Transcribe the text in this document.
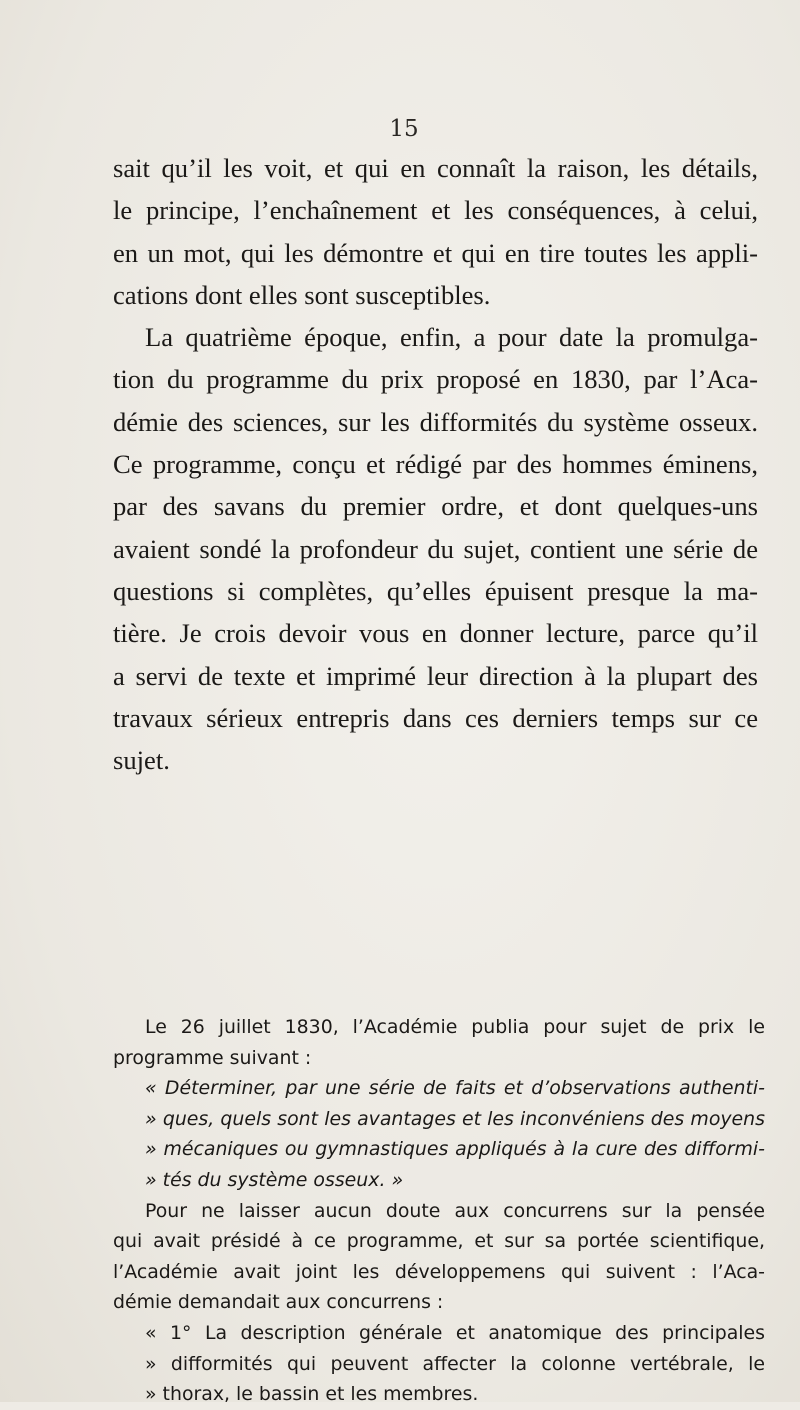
15
sait qu’il les voit, et qui en connaît la raison, les détails,
le principe, l’enchaînement et les conséquences, à celui,
en un mot, qui les démontre et qui en tire toutes les appli-
cations dont elles sont susceptibles.
La quatrième époque, enfin, a pour date la promulga-
tion du programme du prix proposé en 1830, par l’Aca-
démie des sciences, sur les difformités du système osseux.
Ce programme, conçu et rédigé par des hommes éminens,
par des savans du premier ordre, et dont quelques-uns
avaient sondé la profondeur du sujet, contient une série de
questions si complètes, qu’elles épuisent presque la ma-
tière. Je crois devoir vous en donner lecture, parce qu’il
a servi de texte et imprimé leur direction à la plupart des
travaux sérieux entrepris dans ces derniers temps sur ce
sujet.
Le 26 juillet 1830, l’Académie publia pour sujet de prix le
programme suivant :
« Déterminer, par une série de faits et d’observations authenti-
» ques, quels sont les avantages et les inconvéniens des moyens
» mécaniques ou gymnastiques appliqués à la cure des difformi-
» tés du système osseux. »
Pour ne laisser aucun doute aux concurrens sur la pensée
qui avait présidé à ce programme, et sur sa portée scientifique,
l’Académie avait joint les développemens qui suivent : l’Aca-
démie demandait aux concurrens :
« 1° La description générale et anatomique des principales
» difformités qui peuvent affecter la colonne vertébrale, le
» thorax, le bassin et les membres.
